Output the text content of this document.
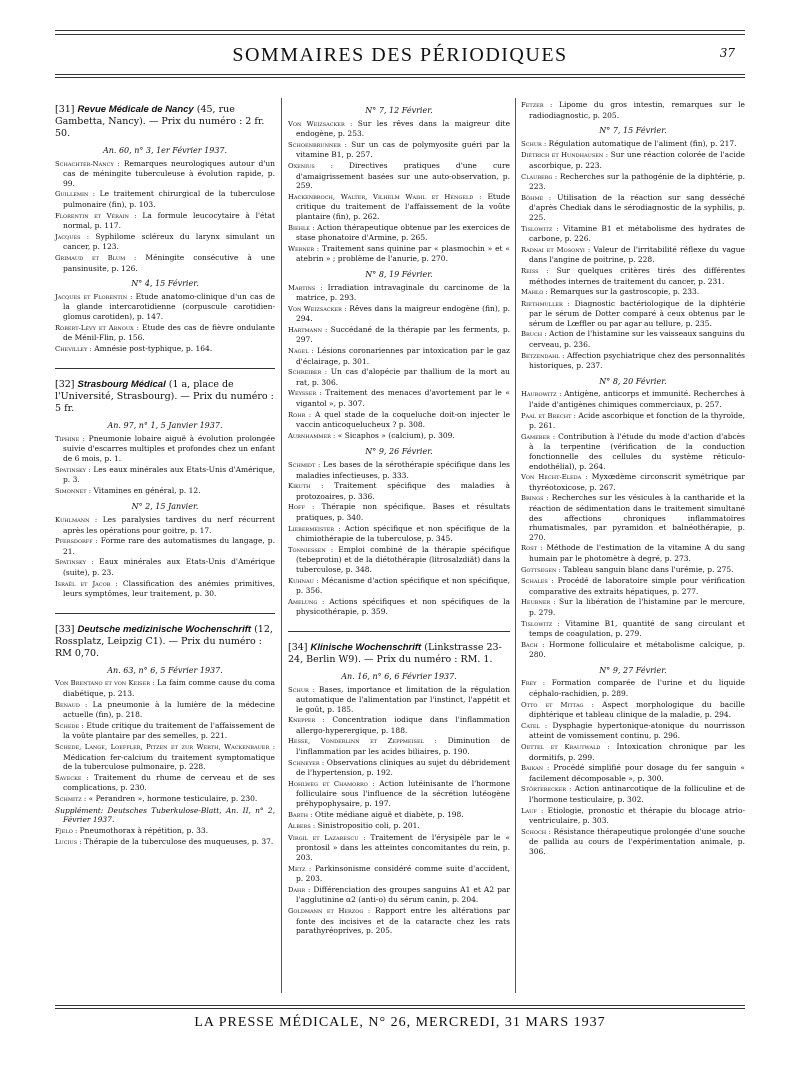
SOMMAIRES DES PÉRIODIQUES	37
[31] Revue Médicale de Nancy (45, rue Gambetta, Nancy). — Prix du numéro : 2 fr. 50.
An. 60, n° 3, 1er Février 1937.
Schachter-Nancy : Remarques neurologiques autour d'un cas de méningite tuberculeuse à évolution rapide, p. 99.
Guillemin : Le traitement chirurgical de la tuberculose pulmonaire (fin), p. 103.
Florentin et Vérain : La formule leucocytaire à l'état normal, p. 117.
Jacques : Syphilome scléreux du larynx simulant un cancer, p. 123.
Grimaud et Blum : Méningite consécutive à une pansinusite, p. 126.
N° 4, 15 Février.
Jacques et Florentin : Etude anatomo-clinique d'un cas de la glande intercarotidienne (corpuscule carotidien-glomus carotiden), p. 147.
Robert-Lévy et Arnoux : Etude des cas de fièvre ondulante de Ménil-Flin, p. 156.
Chevilley : Amnésie post-typhique, p. 164.
[32] Strasbourg Médical (1 a, place de l'Université, Strasbourg). — Prix du numéro : 5 fr.
An. 97, n° 1, 5 Janvier 1937.
Tiphine : Pneumonie lobaire aiguë à évolution prolongée suivie d'escarres multiples et profondes chez un enfant de 6 mois, p. 1.
Spatinsky : Les eaux minérales aux Etats-Unis d'Amérique, p. 3.
Simonnet : Vitamines en général, p. 12.
N° 2, 15 Janvier.
Kuhlmann : Les paralysies tardives du nerf récurrent après les opérations pour goitre, p. 17.
Pfersdorff : Forme rare des automatismes du langage, p. 21.
Spatinsky : Eaux minérales aux Etats-Unis d'Amérique (suite), p. 23.
Israël et Jacob : Classification des anémies primitives, leurs symptômes, leur traitement, p. 30.
[33] Deutsche medizinische Wochenschrift (12, Rossplatz, Leipzig C1). — Prix du numéro : RM 0,70.
An. 63, n° 6, 5 Février 1937.
Von Brentano et von Keiser : La faim comme cause du coma diabétique, p. 213.
Benaud : La pneumonie à la lumière de la médecine actuelle (fin), p. 218.
Schede : Etude critique du traitement de l'affaissement de la voûte plantaire par des semelles, p. 221.
Schede, Lange, Loeffler, Pitzen et zur Werth, Wackenbauer : Médication fer-calcium du traitement symptomatique de la tuberculose pulmonaire, p. 228.
Savecke : Traitement du rhume de cerveau et de ses complications, p. 230.
Schmitz : « Perandren », hormone testiculaire, p. 230.
Supplément: Deutsches Tuberkulose-Blatt, An. II, n° 2, Février 1937.
Fjelo : Pneumothorax à répétition, p. 33.
Lucius : Thérapie de la tuberculose des muqueuses, p. 37.
N° 7, 12 Février.
Von Weizsacker : Sur les rêves dans la maigreur dite endogène, p. 253.
Schoenbrunner : Sur un cas de polymyosite guéri par la vitamine B1, p. 257.
Oxenius : Directives pratiques d'une cure d'amaigrissement basées sur une auto-observation, p. 259.
Hackenbroch, Walter, Vilhelm Waihl et Hengeld : Etude critique du traitement de l'affaissement de la voûte plantaire (fin), p. 262.
Biehle : Action thérapeutique obtenue par les exercices de stase phonatoire d'Armine, p. 265.
Werner : Traitement sans quinine par « plasmochin » et « atebrin » ; problème de l'anurie, p. 270.
N° 8, 19 Février.
Martins : Irradiation intravaginale du carcinome de la matrice, p. 293.
Von Weizsacker : Rêves dans la maigreur endogène (fin), p. 294.
Hartmann : Succédané de la thérapie par les ferments, p. 297.
Nagel : Lésions coronariennes par intoxication par le gaz d'éclairage, p. 301.
Schreiber : Un cas d'alopécie par thallium de la mort au rat, p. 306.
Weysser : Traitement des menaces d'avortement par le « vigantol », p. 307.
Rohr : A quel stade de la coqueluche doit-on injecter le vaccin anticoquelucheux ? p. 308.
Aurnhammer : « Sicaphos » (calcium), p. 309.
N° 9, 26 Février.
Schmidt : Les bases de la sérothérapie spécifique dans les maladies infectieuses, p. 333.
Kikuth : Traitement spécifique des maladies à protozoaires, p. 336.
Hoff : Thérapie non spécifique. Bases et résultats pratiques, p. 340.
Liebermeister : Action spécifique et non spécifique de la chimiothérapie de la tuberculose, p. 345.
Tonniessen : Emploi combiné de la thérapie spécifique (tebeprotin) et de la diétothérapie (litrosalzdiät) dans la tuberculose, p. 348.
Kuhnau : Mécanisme d'action spécifique et non spécifique, p. 356.
Amelung : Actions spécifiques et non spécifiques de la physicothérapie, p. 359.
[34] Klinische Wochenschrift (Linkstrasse 23-24, Berlin W9). — Prix du numéro : RM. 1.
An. 16, n° 6, 6 Février 1937.
Schur : Bases, importance et limitation de la régulation automatique de l'alimentation par l'instinct, l'appétit et le goût, p. 185.
Knepper : Concentration iodique dans l'inflammation allergo-hyperergique, p. 188.
Hesse, Vonderlinn et Zeppmeisel : Diminution de l'inflammation par les acides biliaires, p. 190.
Schneyer : Observations cliniques au sujet du débridement de l'hypertension, p. 192.
Hohlweg et Chamorro : Action lutéinisante de l'hormone folliculaire sous l'influence de la sécrétion lutéogène préhypophysaire, p. 197.
Barth : Otite médiane aiguë et diabète, p. 198.
Albers : Sinistropositio coli, p. 201.
Virgil et Lazarescu : Traitement de l'érysipèle par le « prontosil » dans les atteintes concomitantes du rein, p. 203.
Metz : Parkinsonisme considéré comme suite d'accident, p. 203.
Dahr : Différenciation des groupes sanguins A1 et A2 par l'agglutinine α2 (anti-o) du sérum canin, p. 204.
Goldmann et Herzog : Rapport entre les altérations par fonte des incisives et de la cataracte chez les rats parathyréoprives, p. 205.
Fetzer : Lipome du gros intestin, remarques sur le radiodiagnostic, p. 205.
N° 7, 15 Février.
Schur : Régulation automatique de l'aliment (fin), p. 217.
Diétrich et Hundhausen : Sur une réaction colorée de l'acide ascorbique, p. 223.
Clauberg : Recherches sur la pathogénie de la diphtérie, p. 223.
Böhme : Utilisation de la réaction sur sang desséché d'après Chediak dans le sérodiagnostic de la syphilis, p. 225.
Tislowitz : Vitamine B1 et métabolisme des hydrates de carbone, p. 226.
Radnai et Mosonyi : Valeur de l'irritabilité réflexe du vague dans l'angine de poitrine, p. 228.
Reiss : Sur quelques critères tirés des différentes méthodes internes de traitement du cancer, p. 231.
Mahlo : Remarques sur la gastroscopie, p. 233.
Riethmuller : Diagnostic bactériologique de la diphtérie par le sérum de Dotter comparé à ceux obtenus par le sérum de Lœffler ou par agar au tellure, p. 235.
Bruch : Action de l'histamine sur les vaisseaux sanguins du cerveau, p. 236.
Betzendahl : Affection psychiatrique chez des personnalités historiques, p. 237.
N° 8, 20 Février.
Haurowitz : Antigène, anticorps et immunité. Recherches à l'aide d'antigènes chimiques commerciaux, p. 257.
Paal et Brecht : Acide ascorbique et fonction de la thyroïde, p. 261.
Gameber : Contribution à l'étude du mode d'action d'abcès à la terpentine (vérification de la conduction fonctionnelle des cellules du système réticulo-endothélial), p. 264.
Von Hecht-Eleda : Myxœdème circonscrit symétrique par thyréotoxicose, p. 267.
Brings : Recherches sur les vésicules à la cantharide et la réaction de sédimentation dans le traitement simultané des affections chroniques inflammatoires rhumatismales, par pyramidon et balnéothérapie, p. 270.
Rost : Méthode de l'estimation de la vitamine A du sang humain par le photomètre à degré, p. 273.
Gottsegen : Tableau sanguin blanc dans l'urémie, p. 275.
Schales : Procédé de laboratoire simple pour vérification comparative des extraits hépatiques, p. 277.
Heubner : Sur la libération de l'histamine par le mercure, p. 279.
Tislowitz : Vitamine B1, quantité de sang circulant et temps de coagulation, p. 279.
Bach : Hormone folliculaire et métabolisme calcique, p. 280.
N° 9, 27 Février.
Frey : Formation comparée de l'urine et du liquide céphalo-rachidien, p. 289.
Otto et Mittag : Aspect morphologique du bacille diphtérique et tableau clinique de la maladie, p. 294.
Catel : Dysphagie hypertonique-atonique du nourrisson atteint de vomissement continu, p. 296.
Oettel et Krautwald : Intoxication chronique par les dormitifs, p. 299.
Baikan : Procédé simplifié pour dosage du fer sanguin « facilement décomposable », p. 300.
Störtebecker : Action antinarcotique de la folliculine et de l'hormone testiculaire, p. 302.
Lauf : Etiologie, pronostic et thérapie du blocage atrio-ventriculaire, p. 303.
Schoch : Résistance thérapeutique prolongée d'une souche de pallida au cours de l'expérimentation animale, p. 306.
LA PRESSE MÉDICALE, N° 26, MERCREDI, 31 MARS 1937
